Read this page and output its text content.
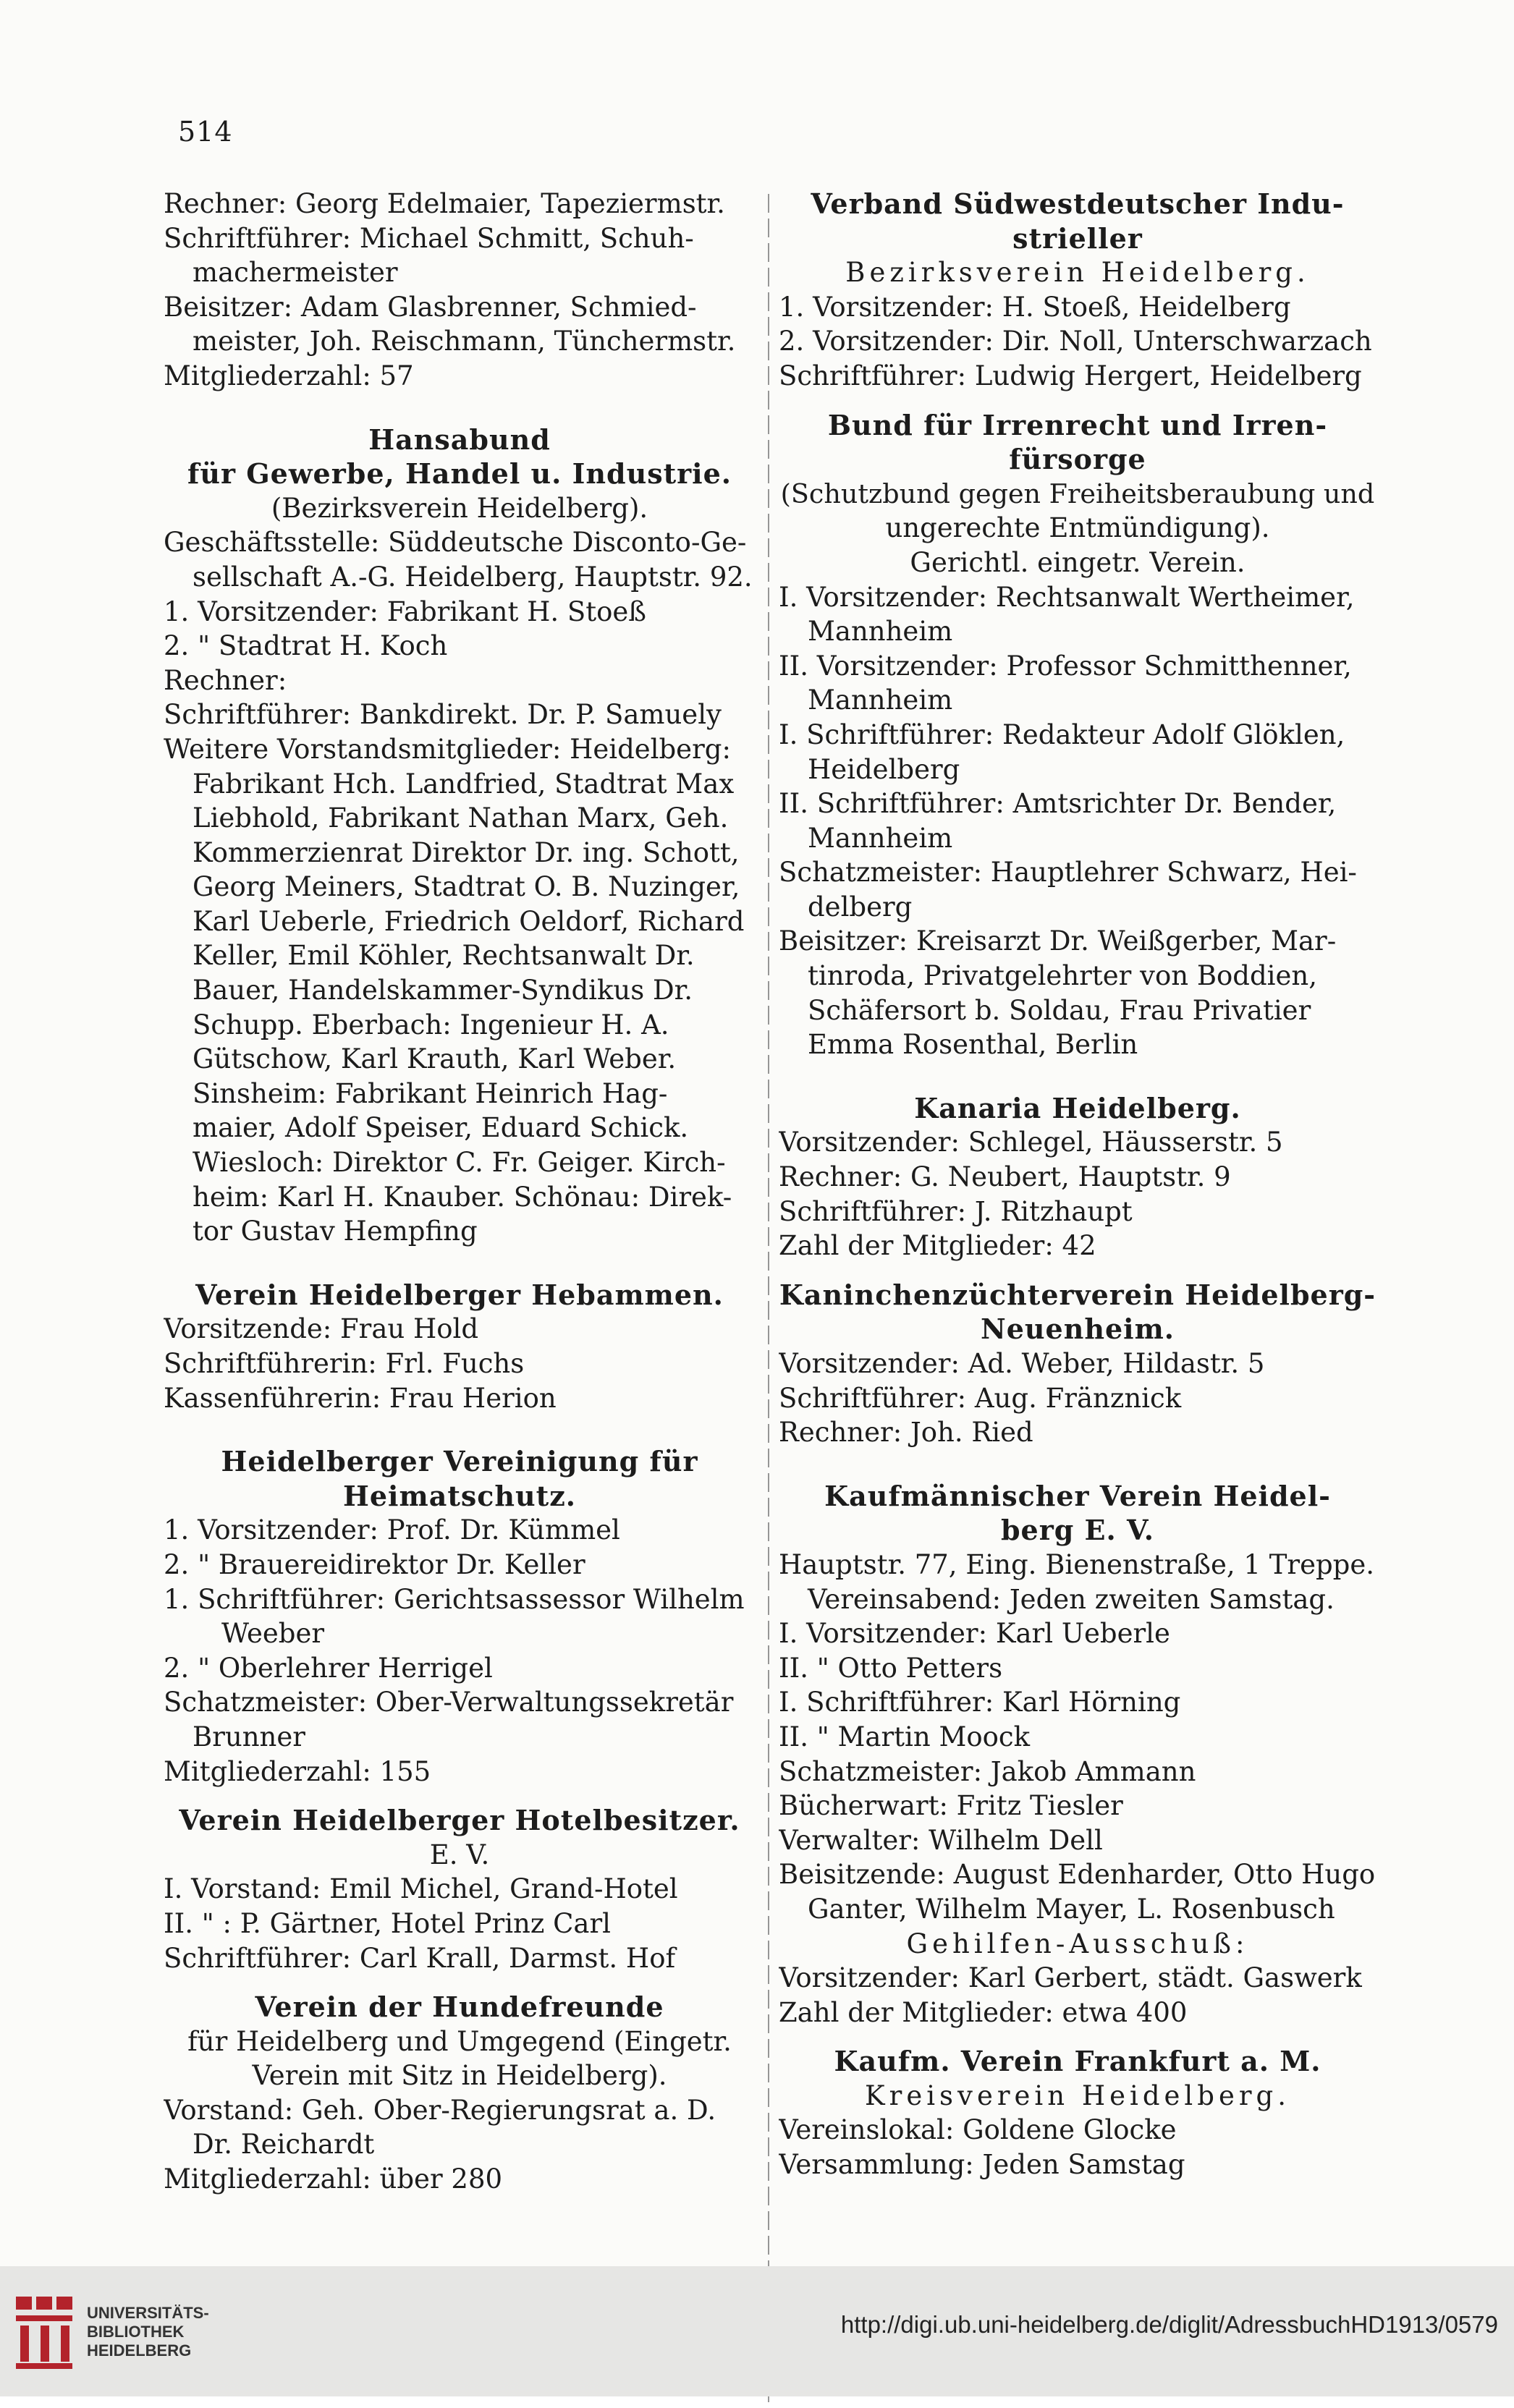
514
Rechner: Georg Edelmaier, Tapeziermstr.
Schriftführer: Michael Schmitt, Schuh-
machermeister
Beisitzer: Adam Glasbrenner, Schmied-
meister, Joh. Reischmann, Tünchermstr.
Mitgliederzahl: 57
Hansabund
für Gewerbe, Handel u. Industrie.
(Bezirksverein Heidelberg).
Geschäftsstelle: Süddeutsche Disconto-Ge-
sellschaft A.-G. Heidelberg, Hauptstr. 92.
1. Vorsitzender: Fabrikant H. Stoeß
2. " Stadtrat H. Koch
Rechner:
Schriftführer: Bankdirekt. Dr. P. Samuely
Weitere Vorstandsmitglieder: Heidelberg:
Fabrikant Hch. Landfried, Stadtrat Max
Liebhold, Fabrikant Nathan Marx, Geh.
Kommerzienrat Direktor Dr. ing. Schott,
Georg Meiners, Stadtrat O. B. Nuzinger,
Karl Ueberle, Friedrich Oeldorf, Richard
Keller, Emil Köhler, Rechtsanwalt Dr.
Bauer, Handelskammer-Syndikus Dr.
Schupp. Eberbach: Ingenieur H. A.
Gütschow, Karl Krauth, Karl Weber.
Sinsheim: Fabrikant Heinrich Hag-
maier, Adolf Speiser, Eduard Schick.
Wiesloch: Direktor C. Fr. Geiger. Kirch-
heim: Karl H. Knauber. Schönau: Direk-
tor Gustav Hempfing
Verein Heidelberger Hebammen.
Vorsitzende: Frau Hold
Schriftführerin: Frl. Fuchs
Kassenführerin: Frau Herion
Heidelberger Vereinigung für
Heimatschutz.
1. Vorsitzender: Prof. Dr. Kümmel
2. " Brauereidirektor Dr. Keller
1. Schriftführer: Gerichtsassessor Wilhelm
Weeber
2. " Oberlehrer Herrigel
Schatzmeister: Ober-Verwaltungssekretär
Brunner
Mitgliederzahl: 155
Verein Heidelberger Hotelbesitzer.
E. V.
I. Vorstand: Emil Michel, Grand-Hotel
II. " : P. Gärtner, Hotel Prinz Carl
Schriftführer: Carl Krall, Darmst. Hof
Verein der Hundefreunde
für Heidelberg und Umgegend (Eingetr.
Verein mit Sitz in Heidelberg).
Vorstand: Geh. Ober-Regierungsrat a. D.
Dr. Reichardt
Mitgliederzahl: über 280
Verband Südwestdeutscher Indu-
strieller
Bezirksverein Heidelberg.
1. Vorsitzender: H. Stoeß, Heidelberg
2. Vorsitzender: Dir. Noll, Unterschwarzach
Schriftführer: Ludwig Hergert, Heidelberg
Bund für Irrenrecht und Irren-
fürsorge
(Schutzbund gegen Freiheitsberaubung und
ungerechte Entmündigung).
Gerichtl. eingetr. Verein.
I. Vorsitzender: Rechtsanwalt Wertheimer,
Mannheim
II. Vorsitzender: Professor Schmitthenner,
Mannheim
I. Schriftführer: Redakteur Adolf Glöklen,
Heidelberg
II. Schriftführer: Amtsrichter Dr. Bender,
Mannheim
Schatzmeister: Hauptlehrer Schwarz, Hei-
delberg
Beisitzer: Kreisarzt Dr. Weißgerber, Mar-
tinroda, Privatgelehrter von Boddien,
Schäfersort b. Soldau, Frau Privatier
Emma Rosenthal, Berlin
Kanaria Heidelberg.
Vorsitzender: Schlegel, Häusserstr. 5
Rechner: G. Neubert, Hauptstr. 9
Schriftführer: J. Ritzhaupt
Zahl der Mitglieder: 42
Kaninchenzüchterverein Heidelberg-
Neuenheim.
Vorsitzender: Ad. Weber, Hildastr. 5
Schriftführer: Aug. Fränznick
Rechner: Joh. Ried
Kaufmännischer Verein Heidel-
berg E. V.
Hauptstr. 77, Eing. Bienenstraße, 1 Treppe.
Vereinsabend: Jeden zweiten Samstag.
I. Vorsitzender: Karl Ueberle
II. " Otto Petters
I. Schriftführer: Karl Hörning
II. " Martin Moock
Schatzmeister: Jakob Ammann
Bücherwart: Fritz Tiesler
Verwalter: Wilhelm Dell
Beisitzende: August Edenharder, Otto Hugo
Ganter, Wilhelm Mayer, L. Rosenbusch
Gehilfen-Ausschuß:
Vorsitzender: Karl Gerbert, städt. Gaswerk
Zahl der Mitglieder: etwa 400
Kaufm. Verein Frankfurt a. M.
Kreisverein Heidelberg.
Vereinslokal: Goldene Glocke
Versammlung: Jeden Samstag
UNIVERSITÄTS-
BIBLIOTHEK
HEIDELBERG
http://digi.ub.uni-heidelberg.de/diglit/AdressbuchHD1913/0579
